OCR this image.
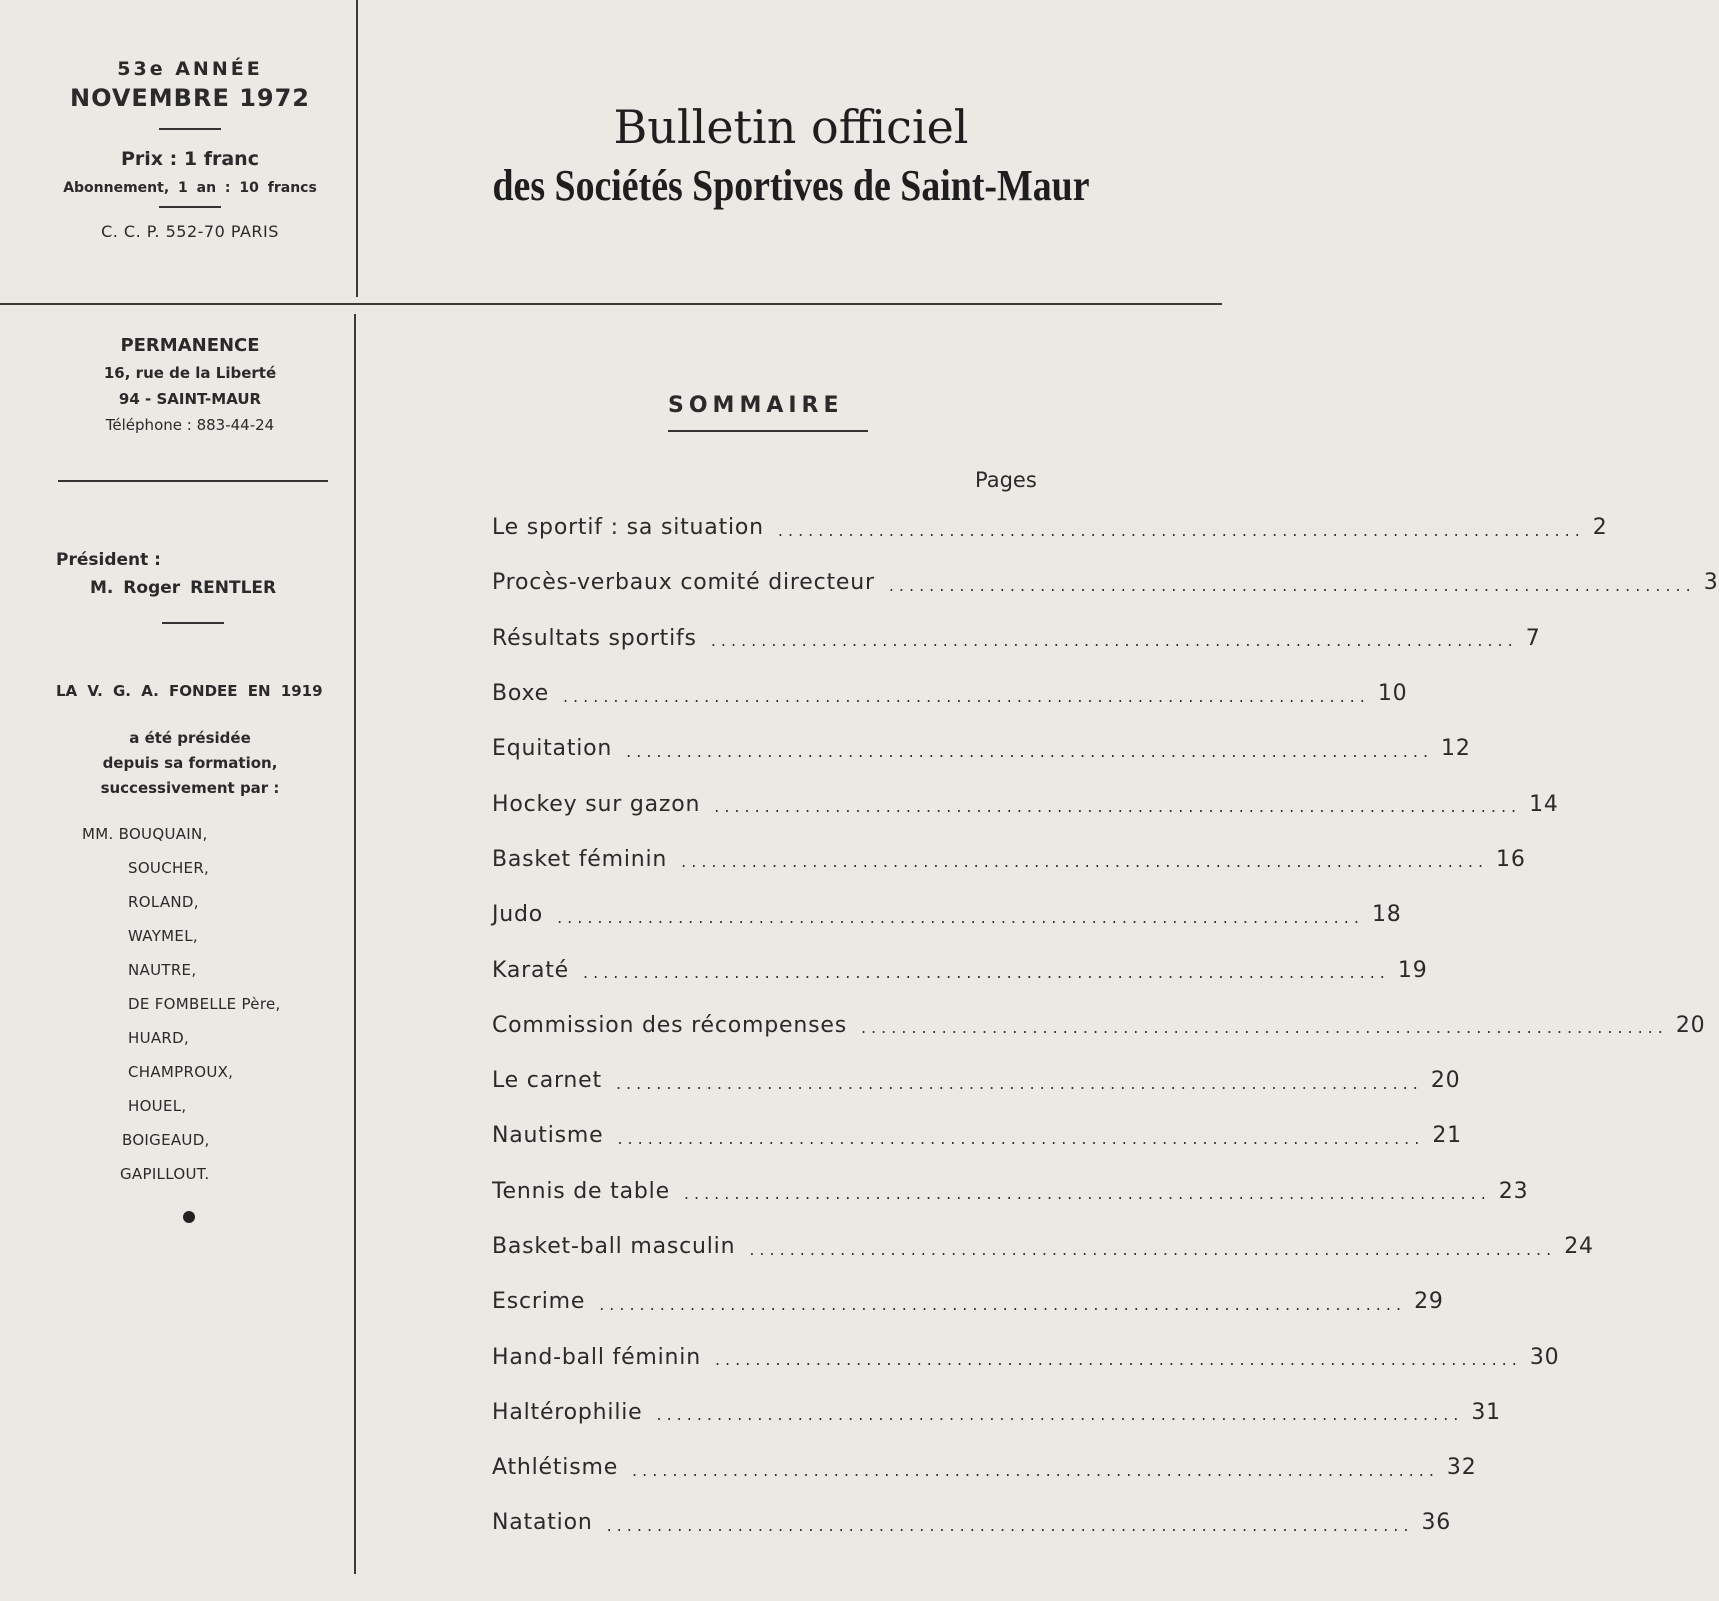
53e ANNÉE
NOVEMBRE 1972
Prix : 1 franc
Abonnement, 1 an : 10 francs
C. C. P. 552-70 PARIS
Bulletin officiel
des Sociétés Sportives de Saint-Maur
PERMANENCE
16, rue de la Liberté
94 - SAINT-MAUR
Téléphone : 883-44-24
Président :
M. Roger RENTLER
LA V. G. A. FONDEE EN 1919
a été présidée
depuis sa formation,
successivement par :
MM. BOUQUAIN,
SOUCHER,
ROLAND,
WAYMEL,
NAUTRE,
DE FOMBELLE Père,
HUARD,
CHAMPROUX,
HOUEL,
BOIGEAUD,
GAPILLOUT.
SOMMAIRE
Pages
Le sportif : sa situation ................................................................................ 2
Procès-verbaux comité directeur ................................................................................ 3
Résultats sportifs ................................................................................ 7
Boxe ................................................................................ 10
Equitation ................................................................................ 12
Hockey sur gazon ................................................................................ 14
Basket féminin ................................................................................ 16
Judo ................................................................................ 18
Karaté ................................................................................ 19
Commission des récompenses ................................................................................ 20
Le carnet ................................................................................ 20
Nautisme ................................................................................ 21
Tennis de table ................................................................................ 23
Basket-ball masculin ................................................................................ 24
Escrime ................................................................................ 29
Hand-ball féminin ................................................................................ 30
Haltérophilie ................................................................................ 31
Athlétisme ................................................................................ 32
Natation ................................................................................ 36
